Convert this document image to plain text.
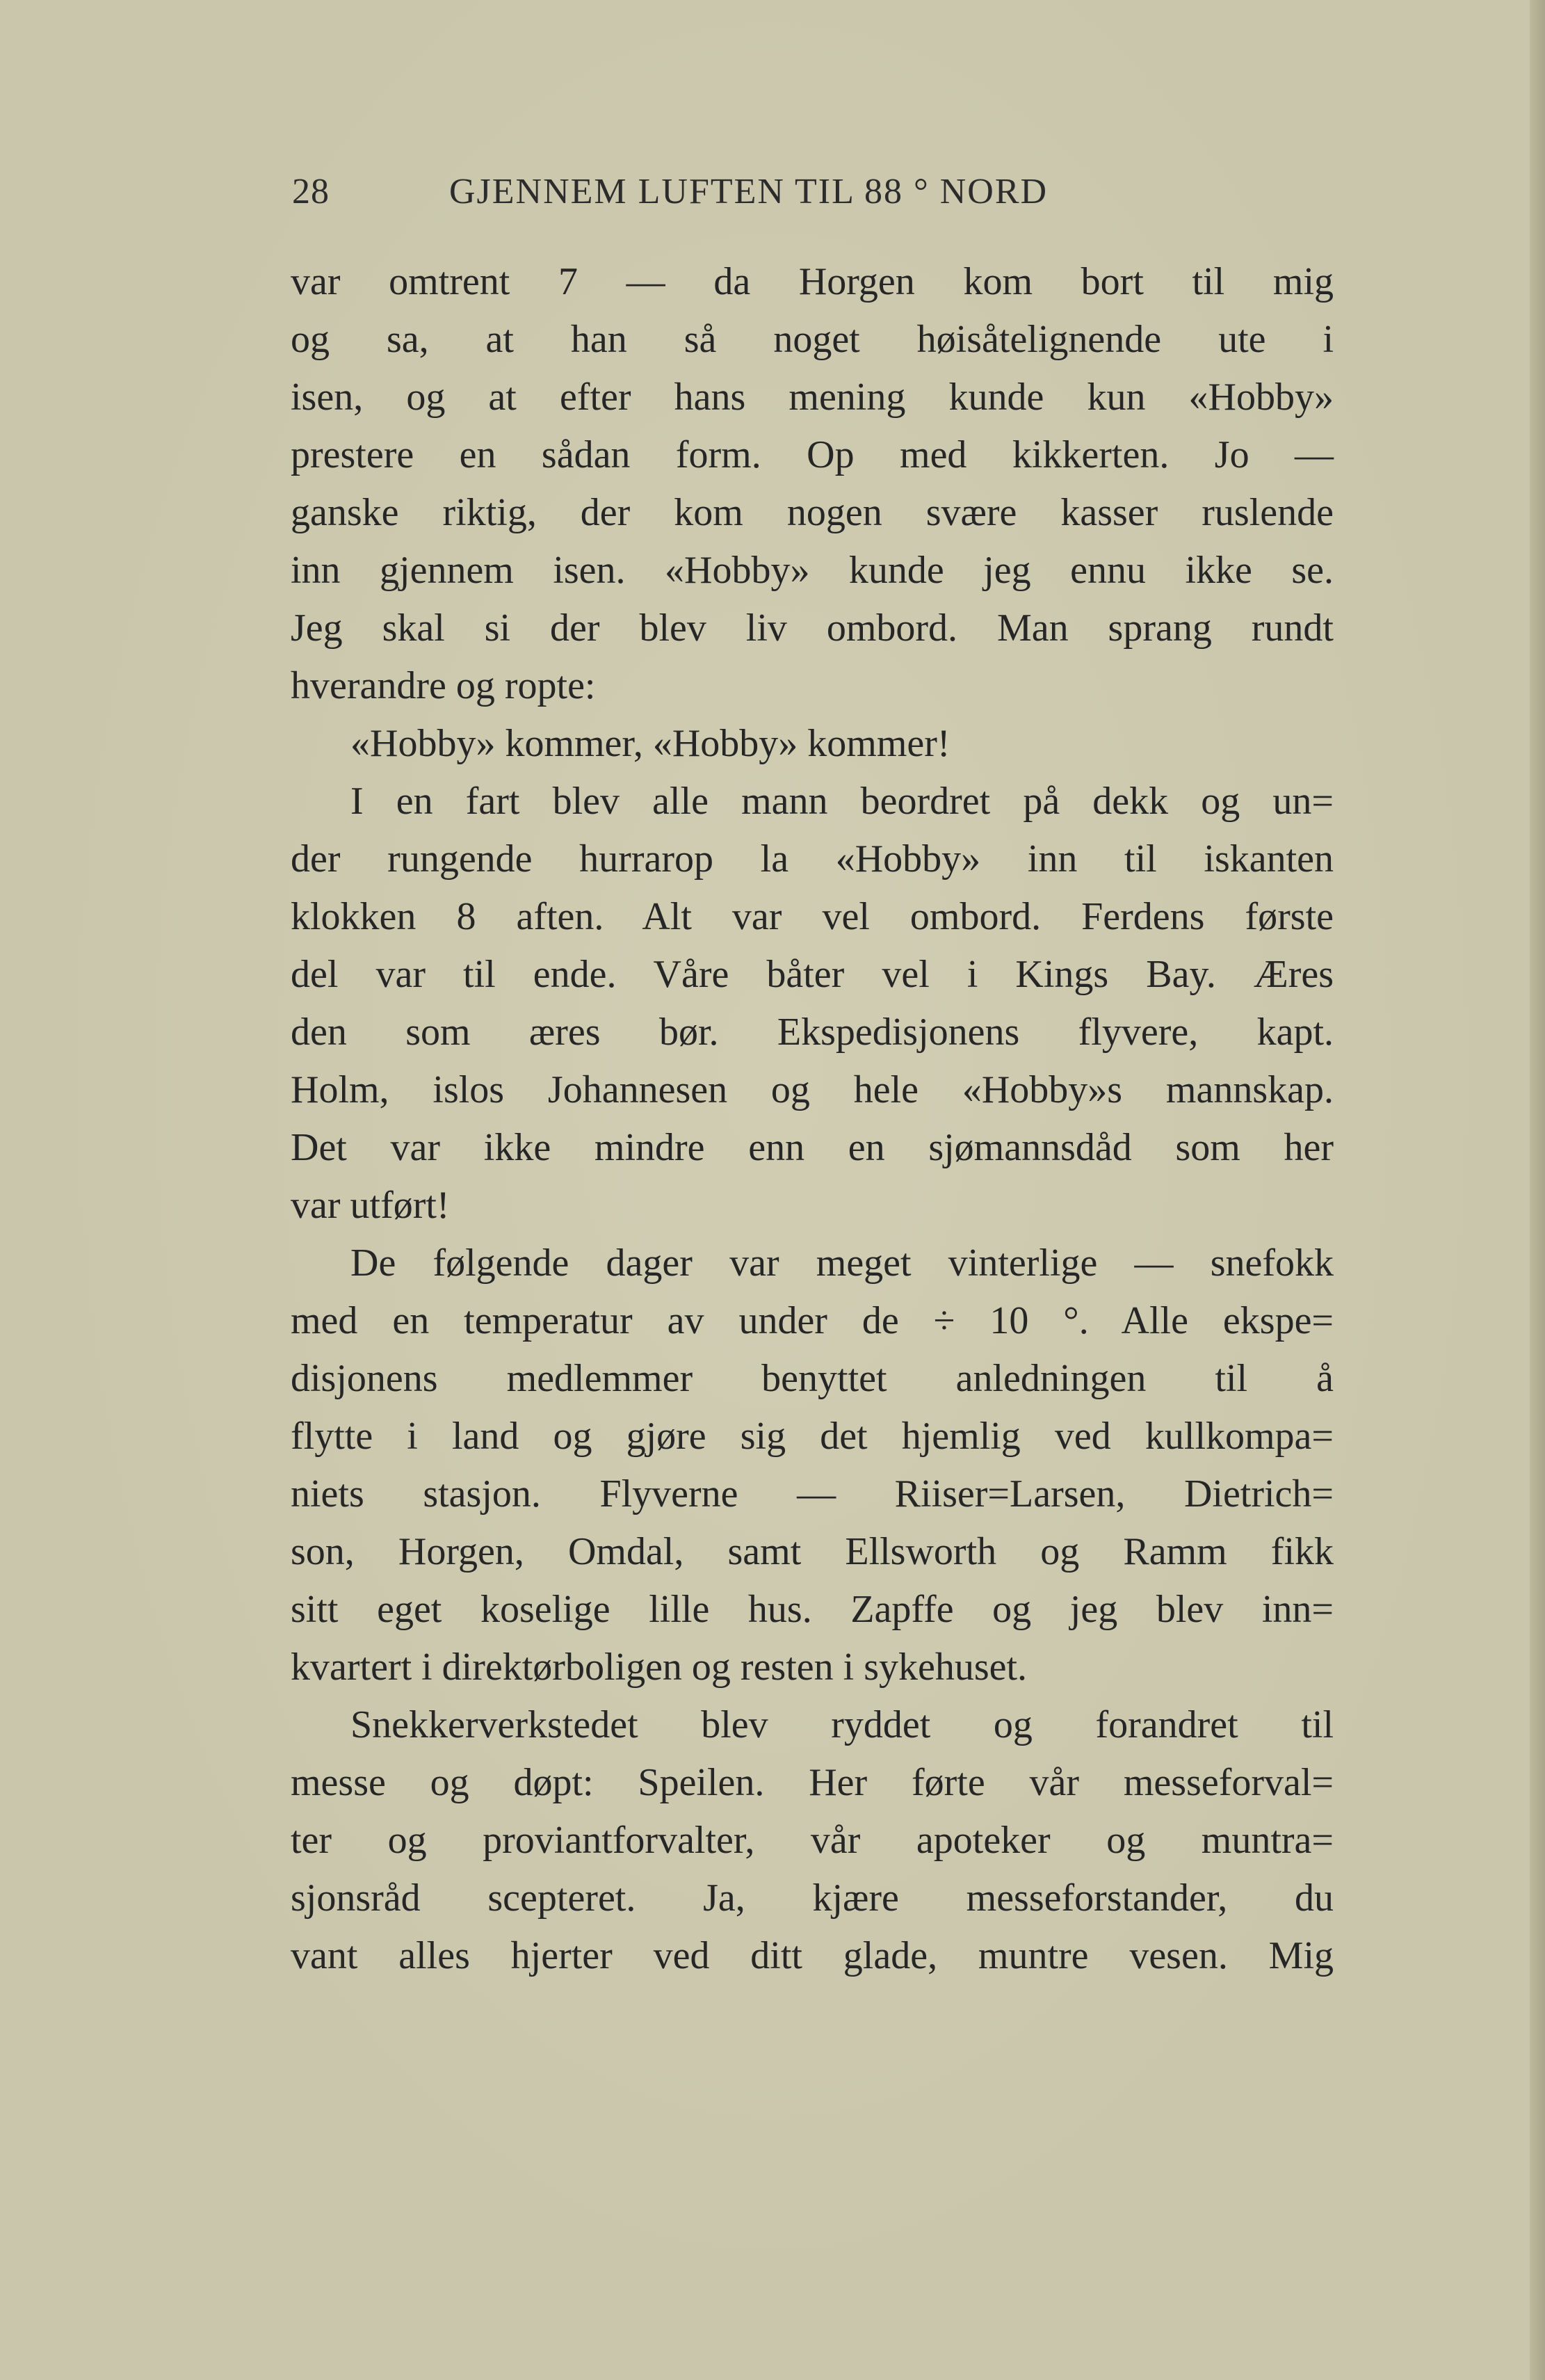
28	GJENNEM LUFTEN TIL 88 ° NORD
var omtrent 7 — da Horgen kom bort til mig
og sa, at han så noget høisåtelignende ute i
isen, og at efter hans mening kunde kun «Hobby»
prestere en sådan form. Op med kikkerten. Jo —
ganske riktig, der kom nogen svære kasser ruslende
inn gjennem isen. «Hobby» kunde jeg ennu ikke se.
Jeg skal si der blev liv ombord. Man sprang rundt
hverandre og ropte:
«Hobby» kommer, «Hobby» kommer!
I en fart blev alle mann beordret på dekk og un=
der rungende hurrarop la «Hobby» inn til iskanten
klokken 8 aften. Alt var vel ombord. Ferdens første
del var til ende. Våre båter vel i Kings Bay. Æres
den som æres bør. Ekspedisjonens flyvere, kapt.
Holm, islos Johannesen og hele «Hobby»s mannskap.
Det var ikke mindre enn en sjømannsdåd som her
var utført!
De følgende dager var meget vinterlige — snefokk
med en temperatur av under de ÷ 10 °. Alle ekspe=
disjonens medlemmer benyttet anledningen til å
flytte i land og gjøre sig det hjemlig ved kullkompa=
niets stasjon. Flyverne — Riiser=Larsen, Dietrich=
son, Horgen, Omdal, samt Ellsworth og Ramm fikk
sitt eget koselige lille hus. Zapffe og jeg blev inn=
kvartert i direktørboligen og resten i sykehuset.
Snekkerverkstedet blev ryddet og forandret til
messe og døpt: Speilen. Her førte vår messeforval=
ter og proviantforvalter, vår apoteker og muntra=
sjonsråd scepteret. Ja, kjære messeforstander, du
vant alles hjerter ved ditt glade, muntre vesen. Mig
